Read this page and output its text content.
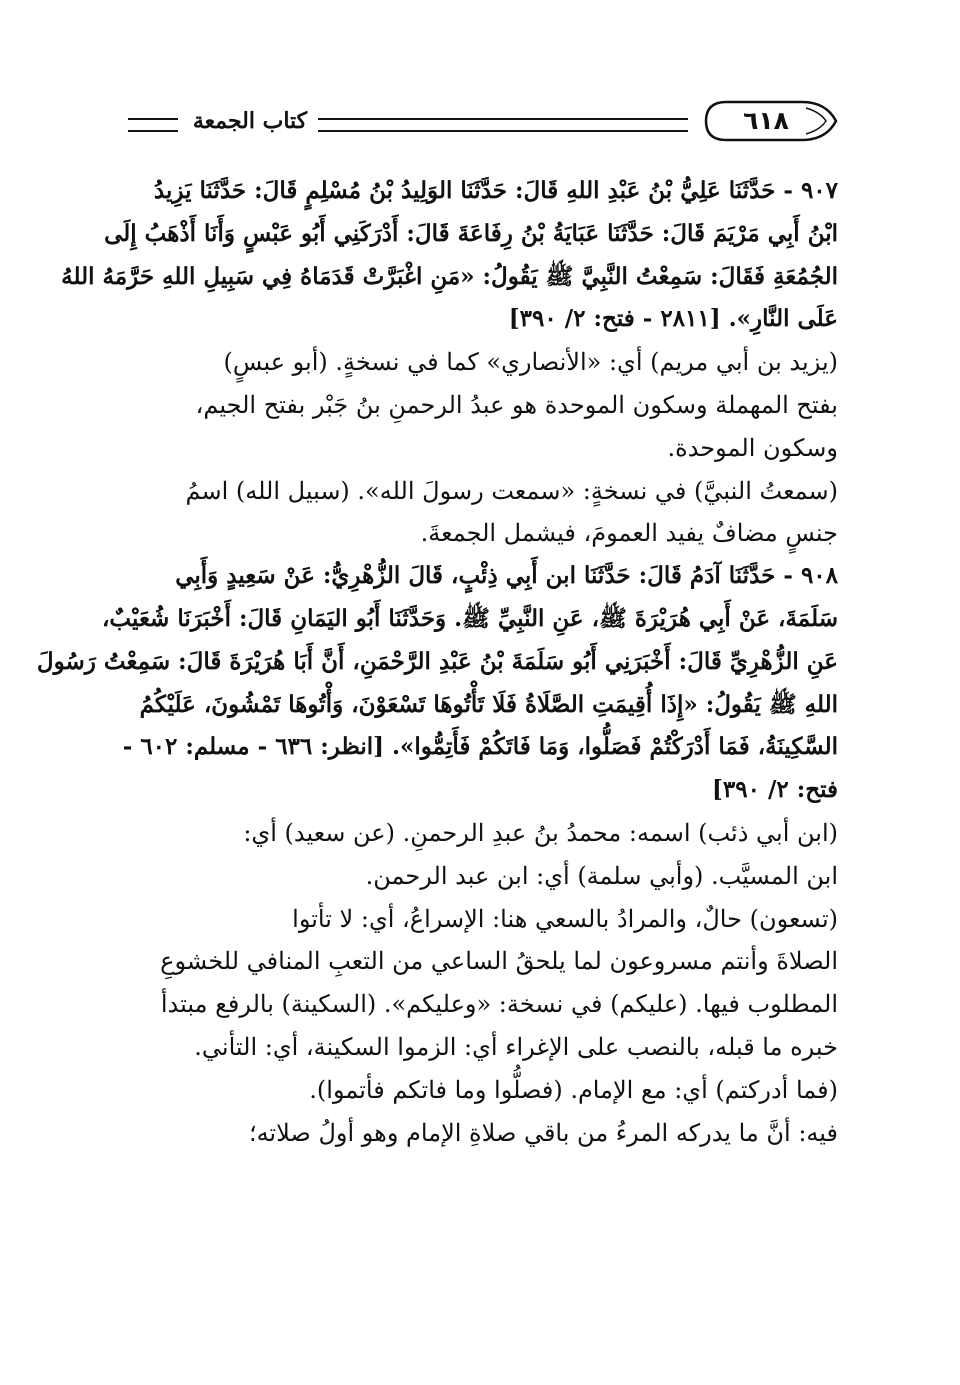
كتاب الجمعة	٦١٨

٩٠٧ - حَدَّثَنَا عَلِيُّ بْنُ عَبْدِ اللهِ قَالَ: حَدَّثَنَا الوَلِيدُ بْنُ مُسْلِمٍ قَالَ: حَدَّثَنَا يَزِيدُ
ابْنُ أَبِي مَرْيَمَ قَالَ: حَدَّثَنَا عَبَايَةُ بْنُ رِفَاعَةَ قَالَ: أَدْرَكَنِي أَبُو عَبْسٍ وَأَنَا أَذْهَبُ إِلَى
الجُمُعَةِ فَقَالَ: سَمِعْتُ النَّبِيَّ ﷺ يَقُولُ: «مَنِ اغْبَرَّتْ قَدَمَاهُ فِي سَبِيلِ اللهِ حَرَّمَهُ اللهُ
عَلَى النَّارِ». [٢٨١١ - فتح: ٢/ ٣٩٠]

(يزيد بن أبي مريم) أي: «الأنصاري» كما في نسخةٍ. (أبو عبسٍ)
بفتح المهملة وسكون الموحدة هو عبدُ الرحمنِ بنُ جَبْر بفتح الجيم،
وسكون الموحدة.

(سمعتُ النبيَّ) في نسخةٍ: «سمعت رسولَ الله». (سبيل الله) اسمُ
جنسٍ مضافٌ يفيد العمومَ، فيشمل الجمعةَ.

٩٠٨ - حَدَّثَنَا آدَمُ قَالَ: حَدَّثَنَا ابن أَبِي ذِئْبٍ، قَالَ الزُّهْرِيُّ: عَنْ سَعِيدٍ وَأَبِي
سَلَمَةَ، عَنْ أَبِي هُرَيْرَةَ ﷺ، عَنِ النَّبِيِّ ﷺ. وَحَدَّثَنَا أَبُو اليَمَانِ قَالَ: أَخْبَرَنَا شُعَيْبٌ،
عَنِ الزُّهْرِيِّ قَالَ: أَخْبَرَنِي أَبُو سَلَمَةَ بْنُ عَبْدِ الرَّحْمَنِ، أَنَّ أَبَا هُرَيْرَةَ قَالَ: سَمِعْتُ رَسُولَ
اللهِ ﷺ يَقُولُ: «إِذَا أُقِيمَتِ الصَّلَاةُ فَلَا تَأْتُوهَا تَسْعَوْنَ، وَأْتُوهَا تَمْشُونَ، عَلَيْكُمُ
السَّكِينَةُ، فَمَا أَدْرَكْتُمْ فَصَلُّوا، وَمَا فَاتَكُمْ فَأَتِمُّوا». [انظر: ٦٣٦ - مسلم: ٦٠٢ -
فتح: ٢/ ٣٩٠]

(ابن أبي ذئب) اسمه: محمدُ بنُ عبدِ الرحمنِ. (عن سعيد) أي:
ابن المسيَّب. (وأبي سلمة) أي: ابن عبد الرحمن.

(تسعون) حالٌ، والمرادُ بالسعي هنا: الإسراعُ، أي: لا تأتوا
الصلاةَ وأنتم مسروعون لما يلحقُ الساعي من التعبِ المنافي للخشوعِ
المطلوب فيها. (عليكم) في نسخة: «وعليكم». (السكينة) بالرفع مبتدأ
خبره ما قبله، بالنصب على الإغراء أي: الزموا السكينة، أي: التأني.
(فما أدركتم) أي: مع الإمام. (فصلُّوا وما فاتكم فأتموا).

فيه: أنَّ ما يدركه المرءُ من باقي صلاةِ الإمام وهو أولُ صلاته؛
